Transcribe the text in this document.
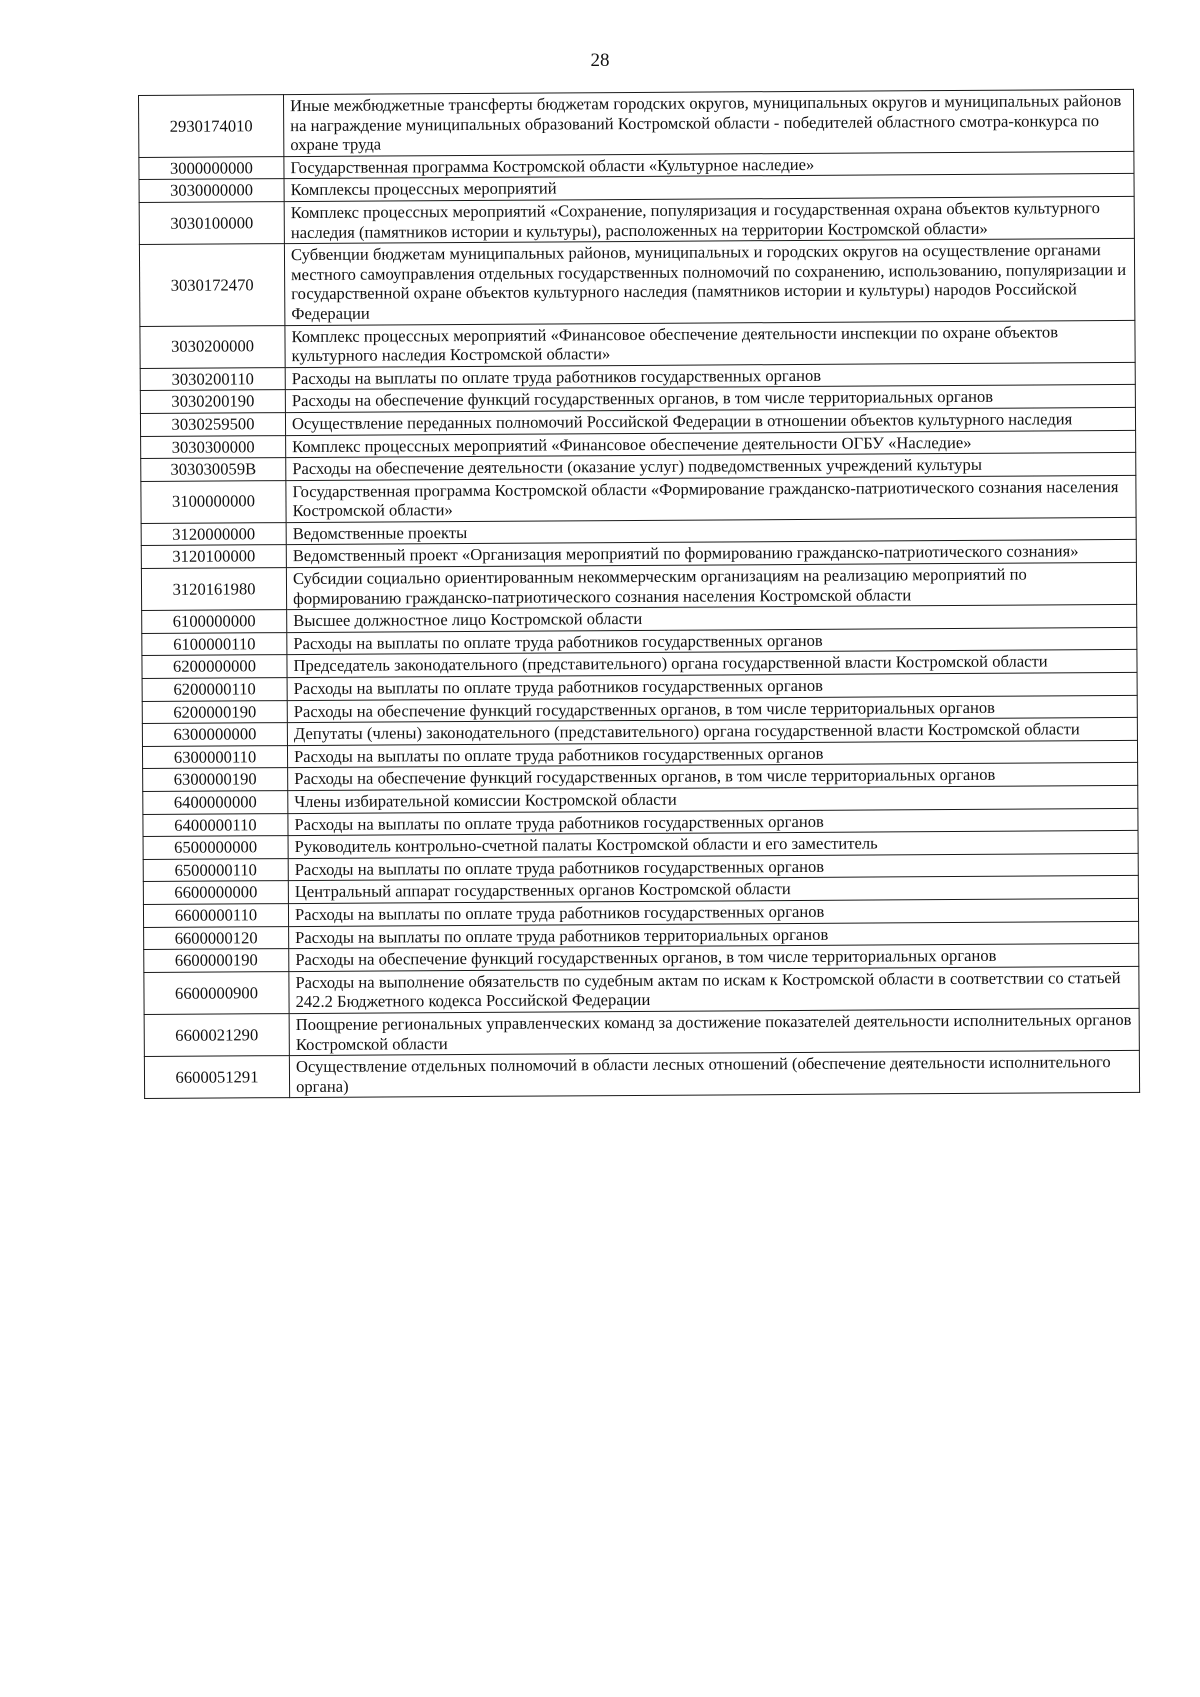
28
2930174010	Иные межбюджетные трансферты бюджетам городских округов, муниципальных округов и муниципальных районов на награждение муниципальных образований Костромской области - победителей областного смотра-конкурса по охране труда
3000000000	Государственная программа Костромской области «Культурное наследие»
3030000000	Комплексы процессных мероприятий
3030100000	Комплекс процессных мероприятий «Сохранение, популяризация и государственная охрана объектов культурного наследия (памятников истории и культуры), расположенных на территории Костромской области»
3030172470	Субвенции бюджетам муниципальных районов, муниципальных и городских округов на осуществление органами местного самоуправления отдельных государственных полномочий по сохранению, использованию, популяризации и государственной охране объектов культурного наследия (памятников истории и культуры) народов Российской Федерации
3030200000	Комплекс процессных мероприятий «Финансовое обеспечение деятельности инспекции по охране объектов культурного наследия Костромской области»
3030200110	Расходы на выплаты по оплате труда работников государственных органов
3030200190	Расходы на обеспечение функций государственных органов, в том числе территориальных органов
3030259500	Осуществление переданных полномочий Российской Федерации в отношении объектов культурного наследия
3030300000	Комплекс процессных мероприятий «Финансовое обеспечение деятельности ОГБУ «Наследие»
303030059В	Расходы на обеспечение деятельности (оказание услуг) подведомственных учреждений культуры
3100000000	Государственная программа Костромской области «Формирование гражданско-патриотического сознания населения Костромской области»
3120000000	Ведомственные проекты
3120100000	Ведомственный проект «Организация мероприятий по формированию гражданско-патриотического сознания»
3120161980	Субсидии социально ориентированным некоммерческим организациям на реализацию мероприятий по формированию гражданско-патриотического сознания населения Костромской области
6100000000	Высшее должностное лицо Костромской области
6100000110	Расходы на выплаты по оплате труда работников государственных органов
6200000000	Председатель законодательного (представительного) органа государственной власти Костромской области
6200000110	Расходы на выплаты по оплате труда работников государственных органов
6200000190	Расходы на обеспечение функций государственных органов, в том числе территориальных органов
6300000000	Депутаты (члены) законодательного (представительного) органа государственной власти Костромской области
6300000110	Расходы на выплаты по оплате труда работников государственных органов
6300000190	Расходы на обеспечение функций государственных органов, в том числе территориальных органов
6400000000	Члены избирательной комиссии Костромской области
6400000110	Расходы на выплаты по оплате труда работников государственных органов
6500000000	Руководитель контрольно-счетной палаты Костромской области и его заместитель
6500000110	Расходы на выплаты по оплате труда работников государственных органов
6600000000	Центральный аппарат государственных органов Костромской области
6600000110	Расходы на выплаты по оплате труда работников государственных органов
6600000120	Расходы на выплаты по оплате труда работников территориальных органов
6600000190	Расходы на обеспечение функций государственных органов, в том числе территориальных органов
6600000900	Расходы на выполнение обязательств по судебным актам по искам к Костромской области в соответствии со статьей 242.2 Бюджетного кодекса Российской Федерации
6600021290	Поощрение региональных управленческих команд за достижение показателей деятельности исполнительных органов Костромской области
6600051291	Осуществление отдельных полномочий в области лесных отношений (обеспечение деятельности исполнительного органа)
